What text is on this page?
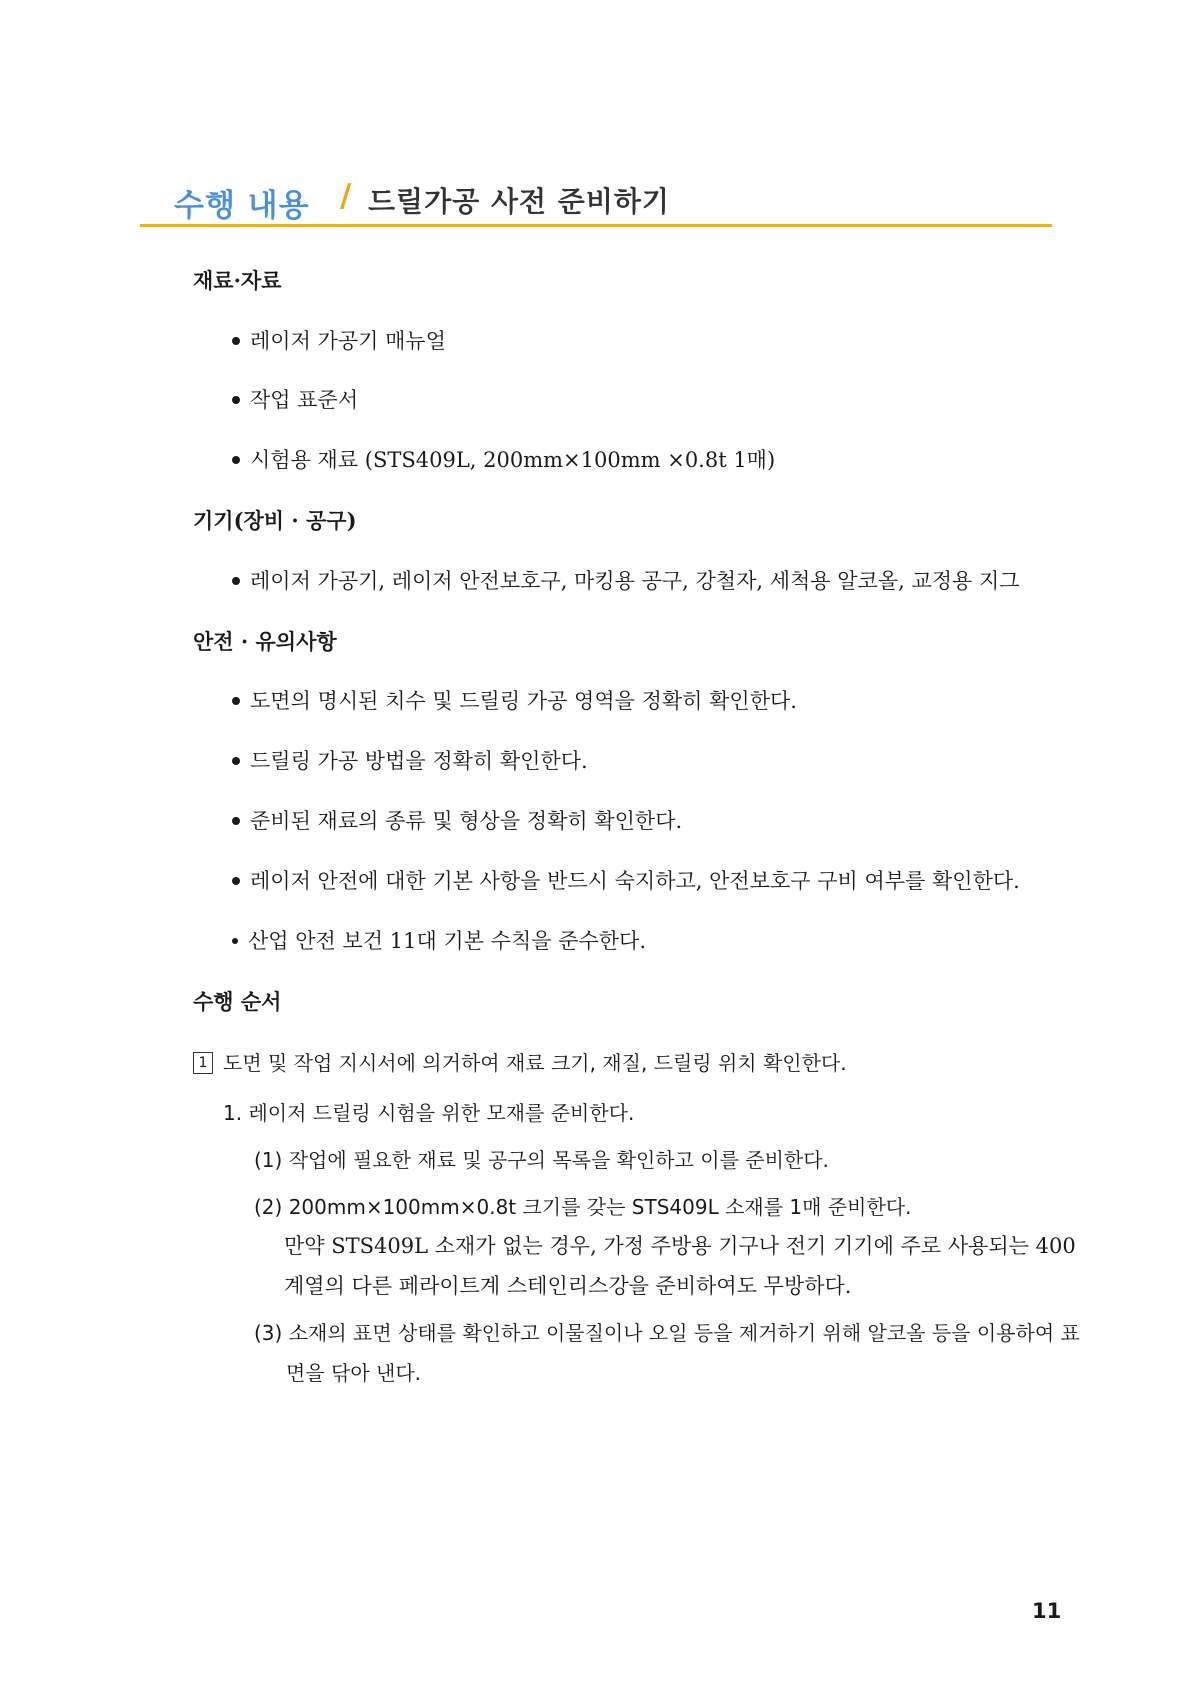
수행 내용 / 드릴가공 사전 준비하기
재료·자료
레이저 가공기 매뉴얼
작업 표준서
시험용 재료 (STS409L, 200mm×100mm ×0.8t 1매)
기기(장비 · 공구)
레이저 가공기, 레이저 안전보호구, 마킹용 공구, 강철자, 세척용 알코올, 교정용 지그
안전 · 유의사항
도면의 명시된 치수 및 드릴링 가공 영역을 정확히 확인한다.
드릴링 가공 방법을 정확히 확인한다.
준비된 재료의 종류 및 형상을 정확히 확인한다.
레이저 안전에 대한 기본 사항을 반드시 숙지하고, 안전보호구 구비 여부를 확인한다.
산업 안전 보건 11대 기본 수칙을 준수한다.
수행 순서
1 도면 및 작업 지시서에 의거하여 재료 크기, 재질, 드릴링 위치 확인한다.
1. 레이저 드릴링 시험을 위한 모재를 준비한다.
(1) 작업에 필요한 재료 및 공구의 목록을 확인하고 이를 준비한다.
(2) 200mm×100mm×0.8t 크기를 갖는 STS409L 소재를 1매 준비한다.
만약 STS409L 소재가 없는 경우, 가정 주방용 기구나 전기 기기에 주로 사용되는 400
계열의 다른 페라이트계 스테인리스강을 준비하여도 무방하다.
(3) 소재의 표면 상태를 확인하고 이물질이나 오일 등을 제거하기 위해 알코올 등을 이용하여 표
면을 닦아 낸다.
11
